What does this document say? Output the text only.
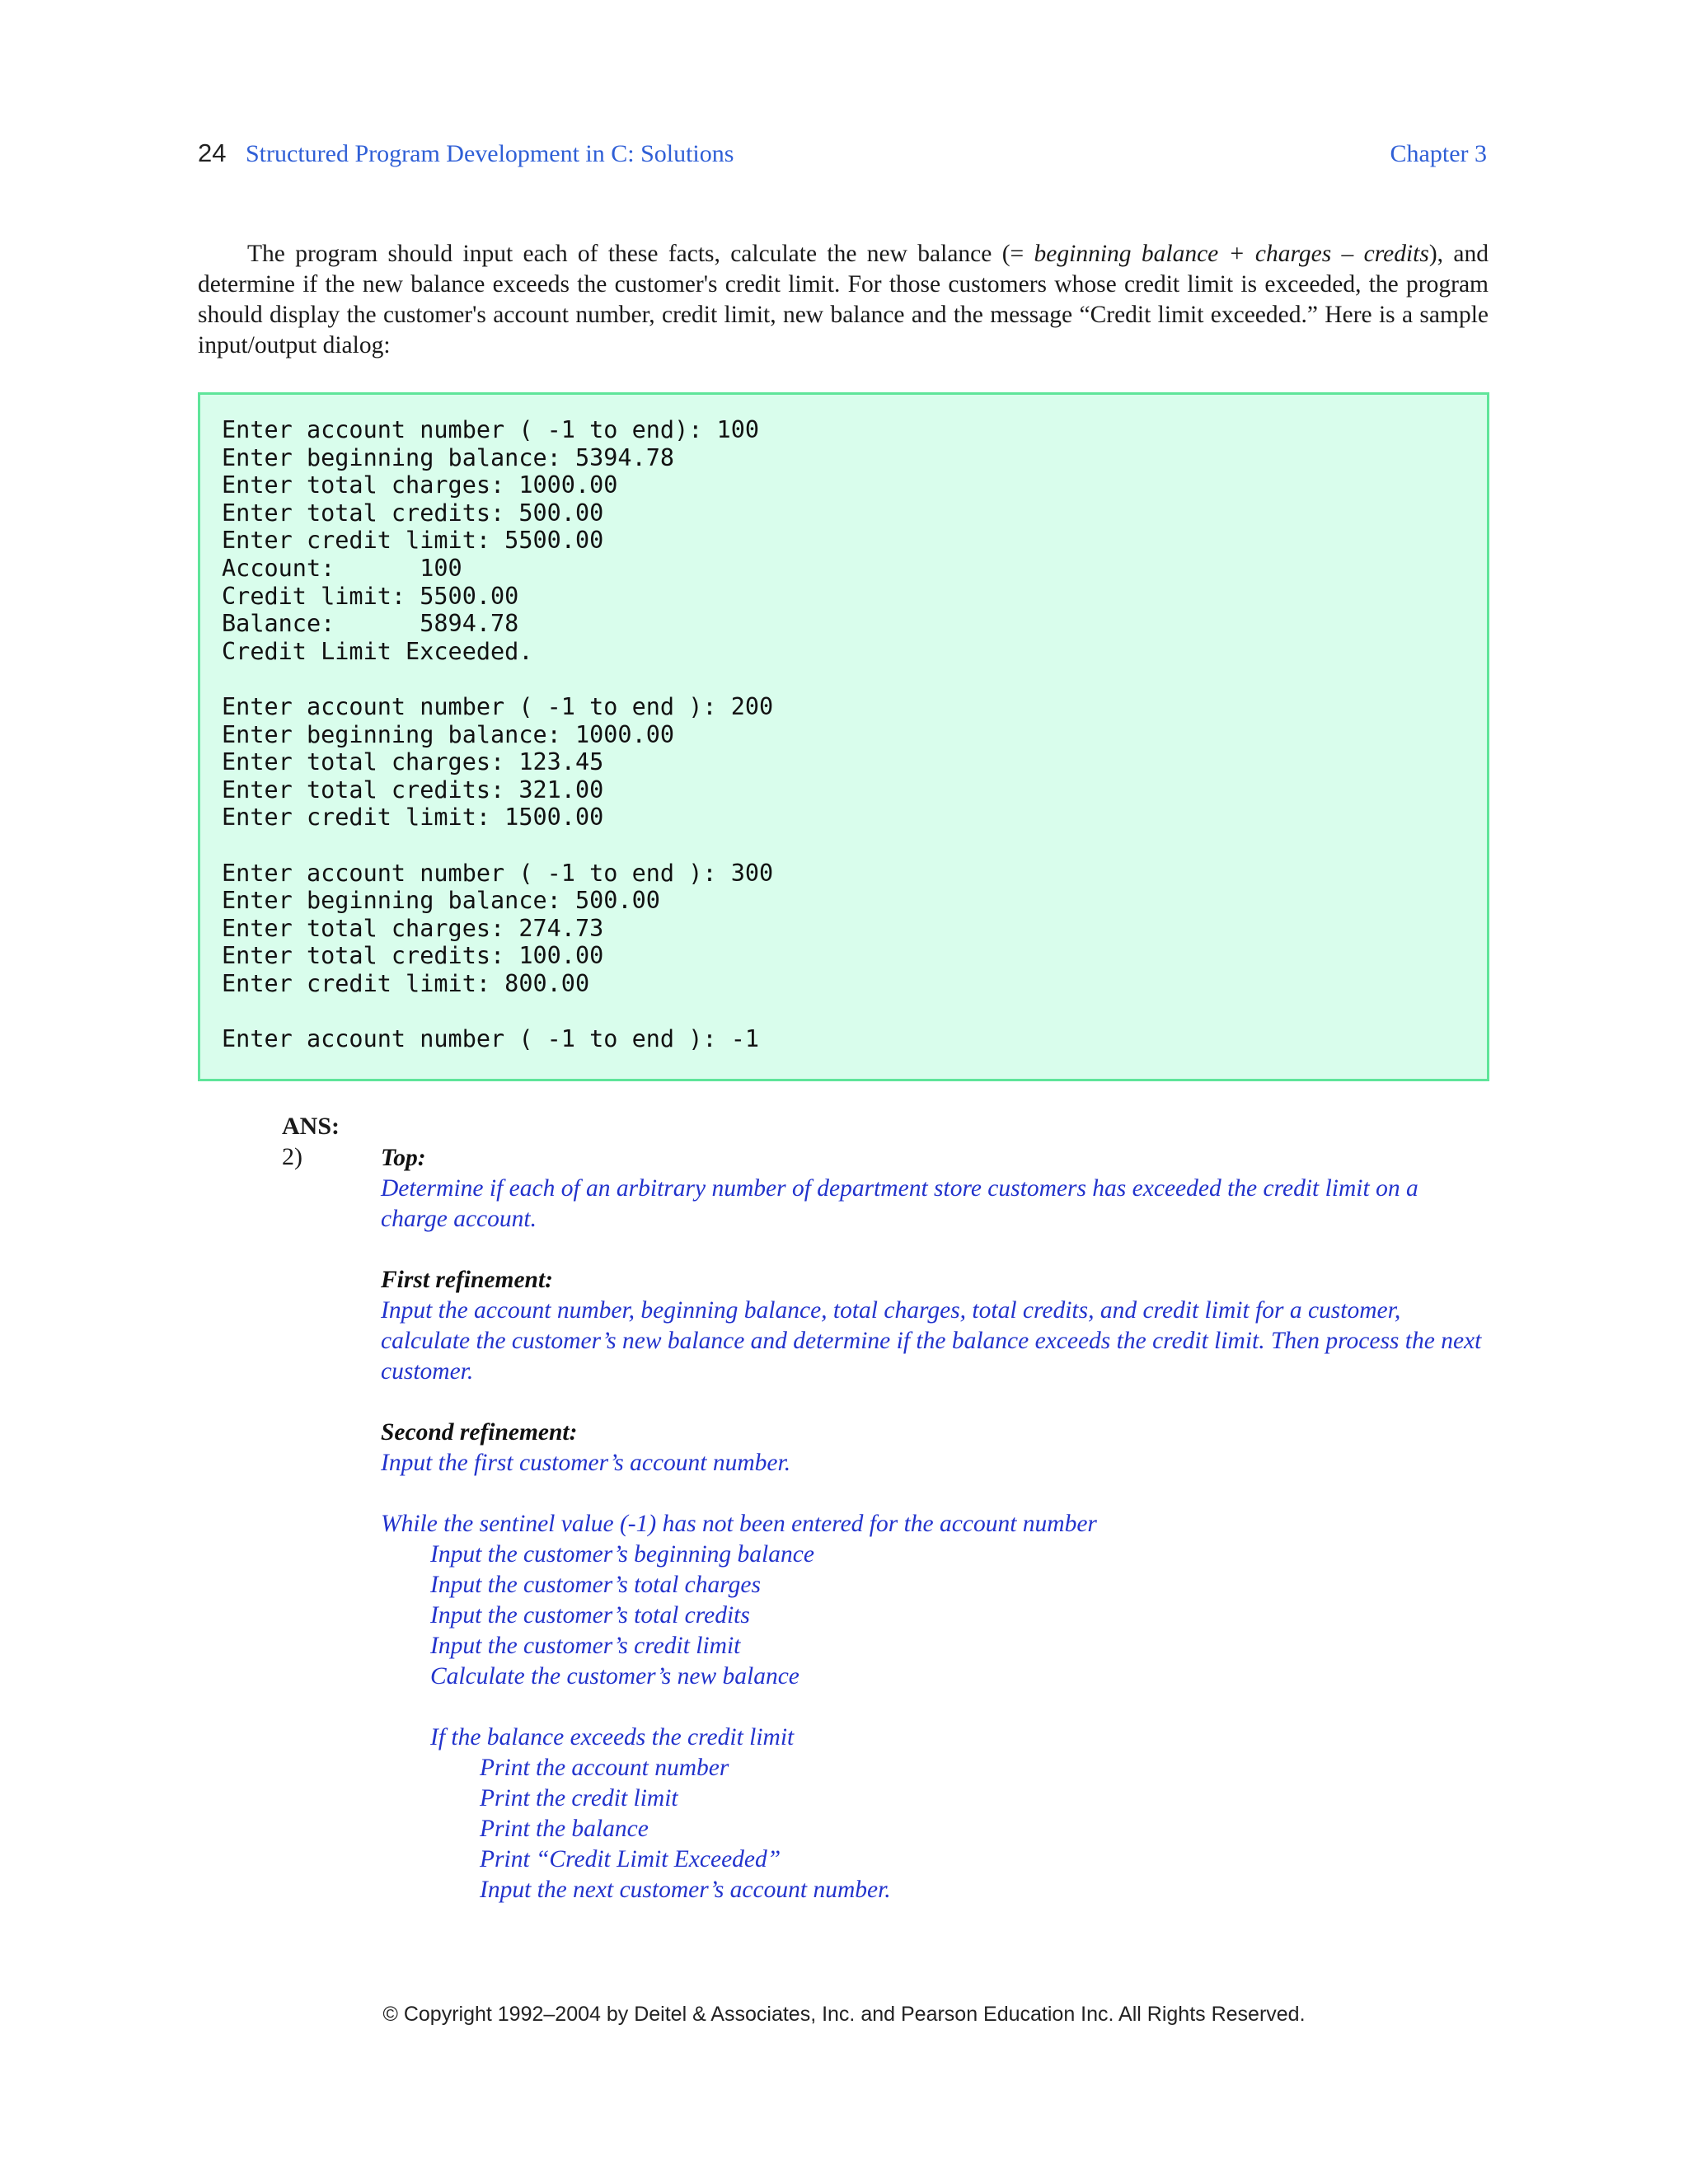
24 Structured Program Development in C: Solutions	Chapter 3

The program should input each of these facts, calculate the new balance (= beginning balance + charges – credits), and determine if the new balance exceeds the customer's credit limit. For those customers whose credit limit is exceeded, the program should display the customer's account number, credit limit, new balance and the message “Credit limit exceeded.” Here is a sample input/output dialog:

Enter account number ( -1 to end): 100
Enter beginning balance: 5394.78
Enter total charges: 1000.00
Enter total credits: 500.00
Enter credit limit: 5500.00
Account:      100
Credit limit: 5500.00
Balance:      5894.78
Credit Limit Exceeded.

Enter account number ( -1 to end ): 200
Enter beginning balance: 1000.00
Enter total charges: 123.45
Enter total credits: 321.00
Enter credit limit: 1500.00

Enter account number ( -1 to end ): 300
Enter beginning balance: 500.00
Enter total charges: 274.73
Enter total credits: 100.00
Enter credit limit: 800.00

Enter account number ( -1 to end ): -1
ANS:
2)	Top:
Determine if each of an arbitrary number of department store customers has exceeded the credit limit on a charge account.
First refinement:
Input the account number, beginning balance, total charges, total credits, and credit limit for a customer, calculate the customer’s new balance and determine if the balance exceeds the credit limit. Then process the next customer.
Second refinement:
Input the first customer’s account number.
While the sentinel value (-1) has not been entered for the account number
Input the customer’s beginning balance
Input the customer’s total charges
Input the customer’s total credits
Input the customer’s credit limit
Calculate the customer’s new balance
If the balance exceeds the credit limit
Print the account number
Print the credit limit
Print the balance
Print “Credit Limit Exceeded”
Input the next customer’s account number.
© Copyright 1992–2004 by Deitel & Associates, Inc. and Pearson Education Inc. All Rights Reserved.
